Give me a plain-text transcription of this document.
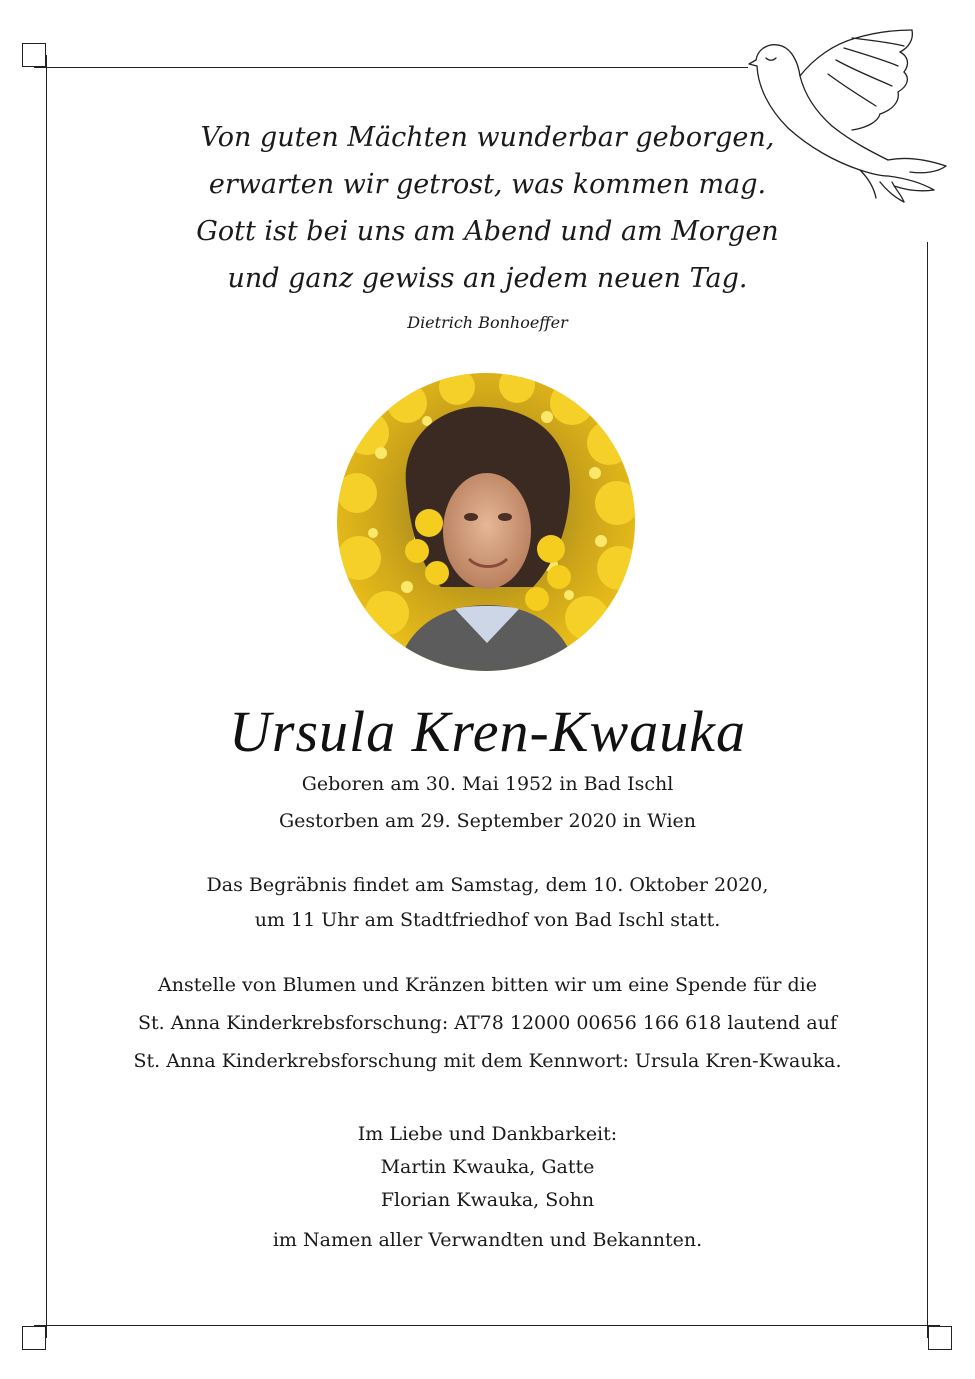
Von guten Mächten wunderbar geborgen,
erwarten wir getrost, was kommen mag.
Gott ist bei uns am Abend und am Morgen
und ganz gewiss an jedem neuen Tag.
Dietrich Bonhoeffer
Ursula Kren-Kwauka
Geboren am 30. Mai 1952 in Bad Ischl
Gestorben am 29. September 2020 in Wien
Das Begräbnis findet am Samstag, dem 10. Oktober 2020,
um 11 Uhr am Stadtfriedhof von Bad Ischl statt.
Anstelle von Blumen und Kränzen bitten wir um eine Spende für die
St. Anna Kinderkrebsforschung: AT78 12000 00656 166 618 lautend auf
St. Anna Kinderkrebsforschung mit dem Kennwort: Ursula Kren-Kwauka.
Im Liebe und Dankbarkeit:
Martin Kwauka, Gatte
Florian Kwauka, Sohn
im Namen aller Verwandten und Bekannten.
